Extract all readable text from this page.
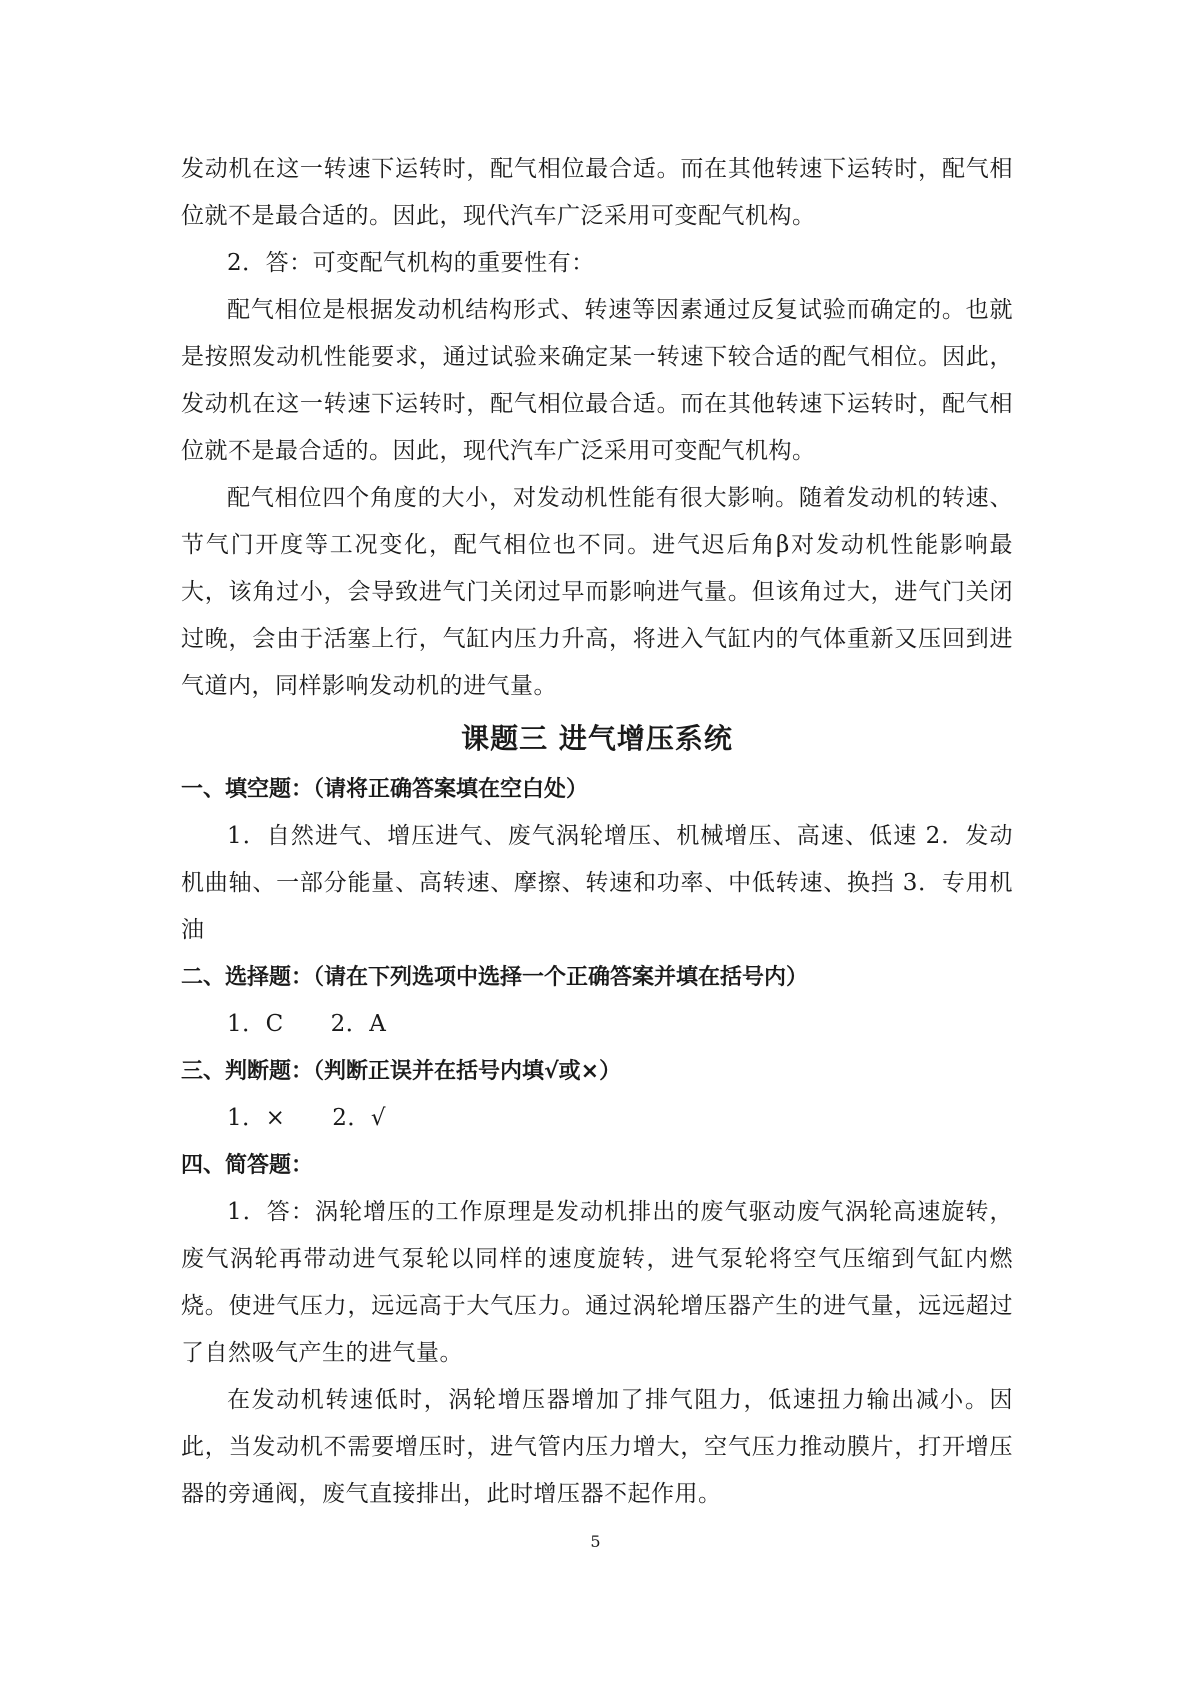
发动机在这一转速下运转时，配气相位最合适。而在其他转速下运转时，配气相位就不是最合适的。因此，现代汽车广泛采用可变配气机构。

2．答：可变配气机构的重要性有：

配气相位是根据发动机结构形式、转速等因素通过反复试验而确定的。也就是按照发动机性能要求，通过试验来确定某一转速下较合适的配气相位。因此，发动机在这一转速下运转时，配气相位最合适。而在其他转速下运转时，配气相位就不是最合适的。因此，现代汽车广泛采用可变配气机构。

配气相位四个角度的大小，对发动机性能有很大影响。随着发动机的转速、节气门开度等工况变化，配气相位也不同。进气迟后角β对发动机性能影响最大，该角过小，会导致进气门关闭过早而影响进气量。但该角过大，进气门关闭过晚，会由于活塞上行，气缸内压力升高，将进入气缸内的气体重新又压回到进气道内，同样影响发动机的进气量。

课题三 进气增压系统

一、填空题：（请将正确答案填在空白处）

1．自然进气、增压进气、废气涡轮增压、机械增压、高速、低速 2．发动机曲轴、一部分能量、高转速、摩擦、转速和功率、中低转速、换挡 3．专用机油

二、选择题：（请在下列选项中选择一个正确答案并填在括号内）

1．C      2．A

三、判断题：（判断正误并在括号内填√或×）

1．×      2．√

四、简答题：

1．答：涡轮增压的工作原理是发动机排出的废气驱动废气涡轮高速旋转，废气涡轮再带动进气泵轮以同样的速度旋转，进气泵轮将空气压缩到气缸内燃烧。使进气压力，远远高于大气压力。通过涡轮增压器产生的进气量，远远超过了自然吸气产生的进气量。

在发动机转速低时，涡轮增压器增加了排气阻力，低速扭力输出减小。因此，当发动机不需要增压时，进气管内压力增大，空气压力推动膜片，打开增压器的旁通阀，废气直接排出，此时增压器不起作用。

5
